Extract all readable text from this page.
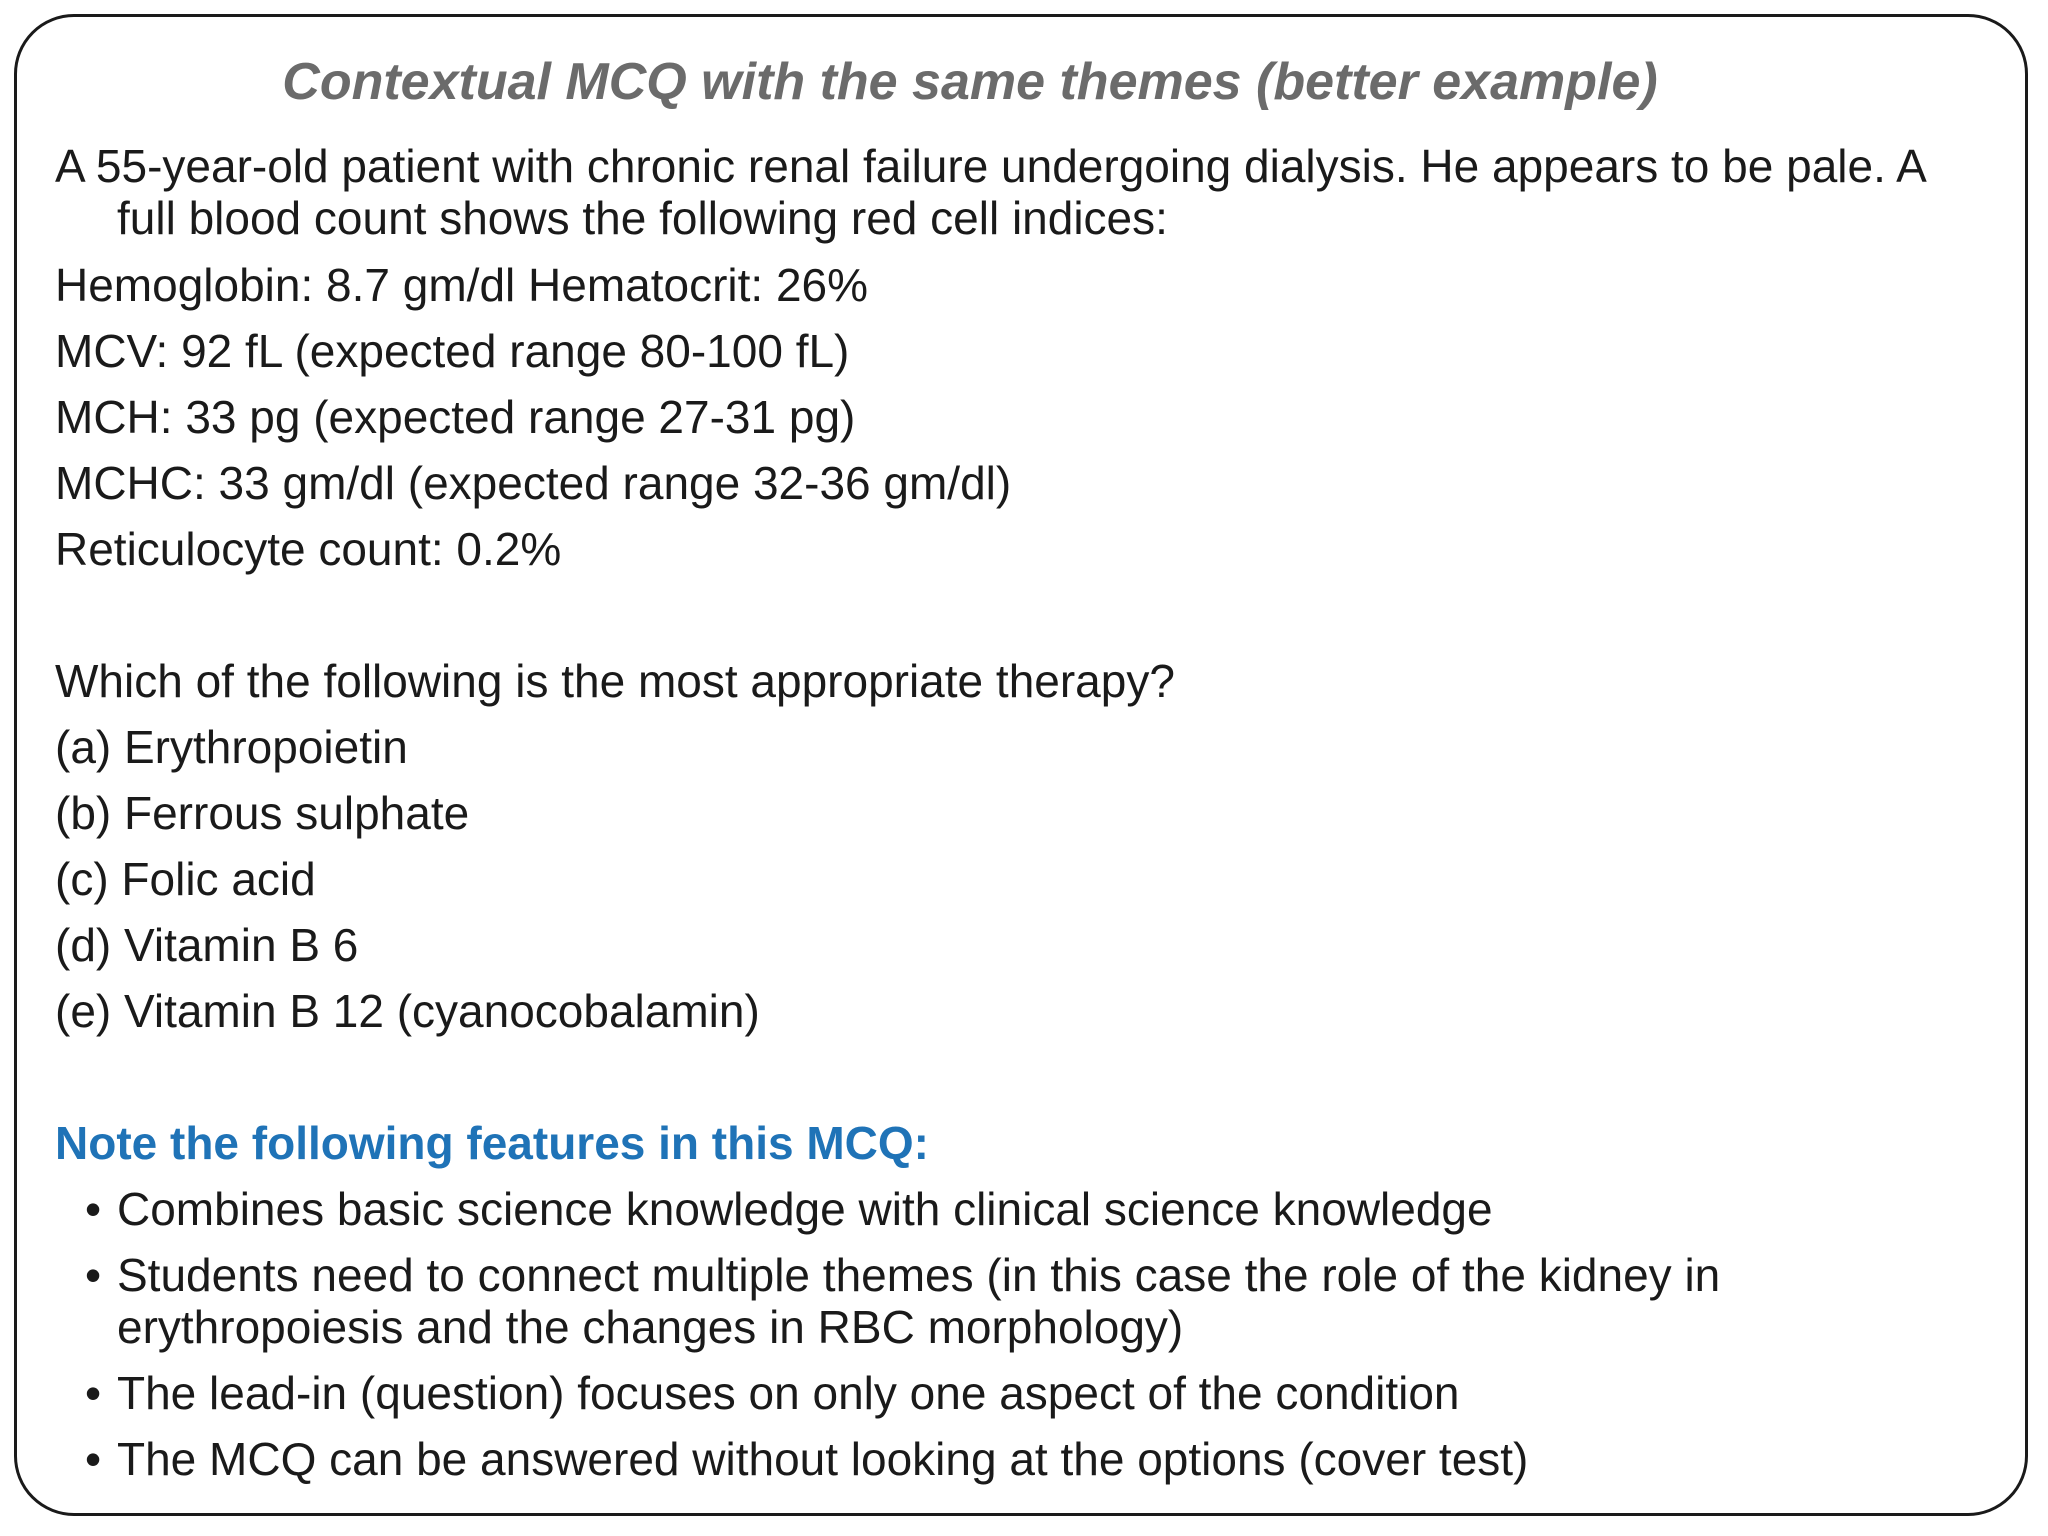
Contextual MCQ with the same themes (better example)
A 55-year-old patient with chronic renal failure undergoing dialysis. He appears to be pale. A full blood count shows the following red cell indices:
Hemoglobin: 8.7 gm/dl Hematocrit: 26%
MCV: 92 fL (expected range 80-100 fL)
MCH: 33 pg (expected range 27-31 pg)
MCHC: 33 gm/dl (expected range 32-36 gm/dl)
Reticulocyte count: 0.2%
Which of the following is the most appropriate therapy?
(a) Erythropoietin
(b) Ferrous sulphate
(c) Folic acid
(d) Vitamin B 6
(e) Vitamin B 12 (cyanocobalamin)
Note the following features in this MCQ:
• Combines basic science knowledge with clinical science knowledge
• Students need to connect multiple themes (in this case the role of the kidney in erythropoiesis and the changes in RBC morphology)
• The lead-in (question) focuses on only one aspect of the condition
• The MCQ can be answered without looking at the options (cover test)
